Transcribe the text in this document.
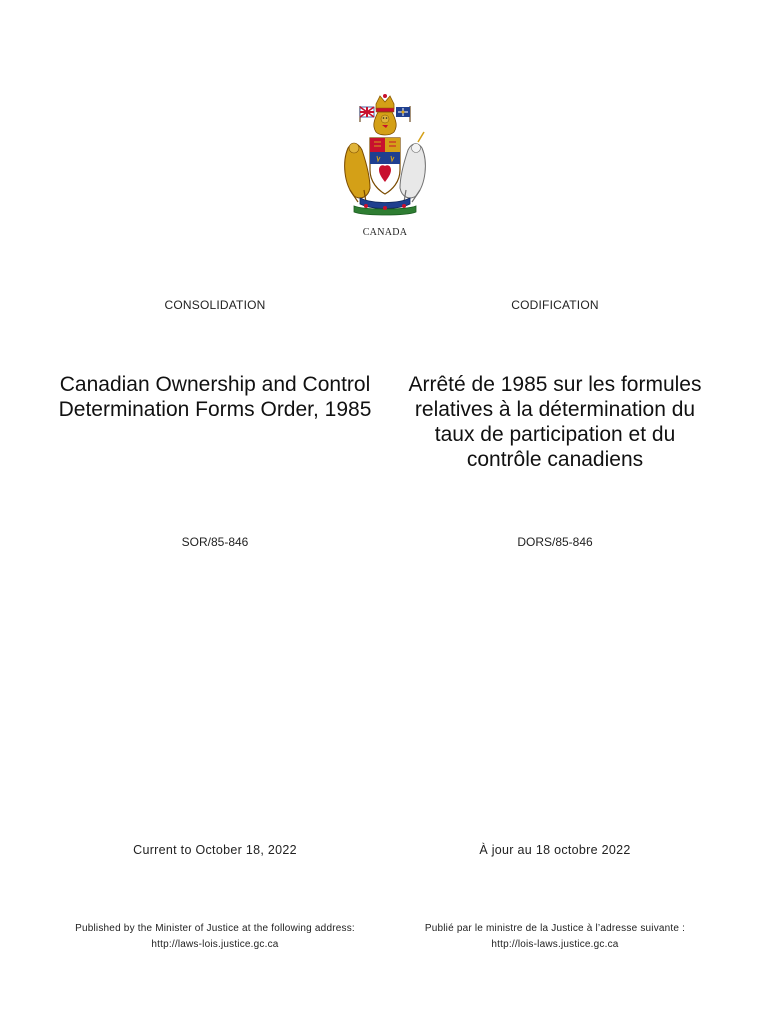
CANADA
CONSOLIDATION	CODIFICATION
Canadian Ownership and Control Determination Forms Order, 1985
Arrêté de 1985 sur les formules relatives à la détermination du taux de participation et du contrôle canadiens
SOR/85-846	DORS/85-846
Current to October 18, 2022	À jour au 18 octobre 2022
Published by the Minister of Justice at the following address:
http://laws-lois.justice.gc.ca
Publié par le ministre de la Justice à l’adresse suivante :
http://lois-laws.justice.gc.ca
